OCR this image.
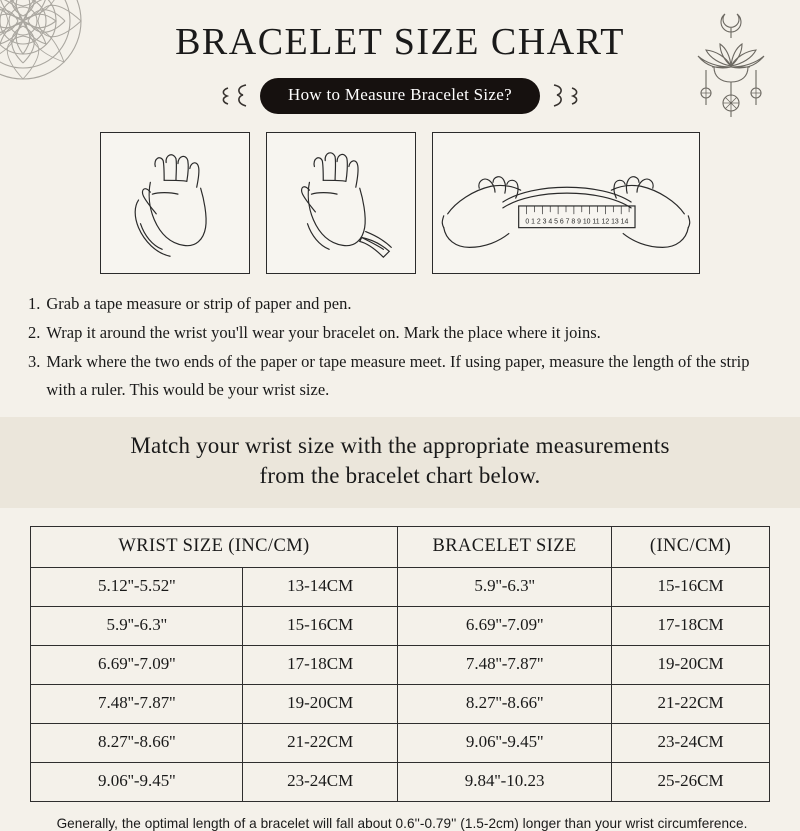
BRACELET SIZE CHART
How to Measure Bracelet Size?
0 1 2 3 4 5 6 7 8 9 10 11 12 13 14
1. Grab a tape measure or strip of paper and pen.
2. Wrap it around the wrist you'll wear your bracelet on. Mark the place where it joins.
3. Mark where the two ends of the paper or tape measure meet. If using paper, measure the length of the strip with a ruler. This would be your wrist size.
Match your wrist size with the appropriate measurements
from the bracelet chart below.
WRIST SIZE (INC/CM)		BRACELET SIZE	(INC/CM)
5.12''-5.52''	13-14CM	5.9''-6.3''	15-16CM
5.9''-6.3''	15-16CM	6.69''-7.09''	17-18CM
6.69''-7.09''	17-18CM	7.48''-7.87''	19-20CM
7.48''-7.87''	19-20CM	8.27''-8.66''	21-22CM
8.27''-8.66''	21-22CM	9.06''-9.45''	23-24CM
9.06''-9.45''	23-24CM	9.84''-10.23	25-26CM
Generally, the optimal length of a bracelet will fall about 0.6''-0.79'' (1.5-2cm) longer than your wrist circumference.
